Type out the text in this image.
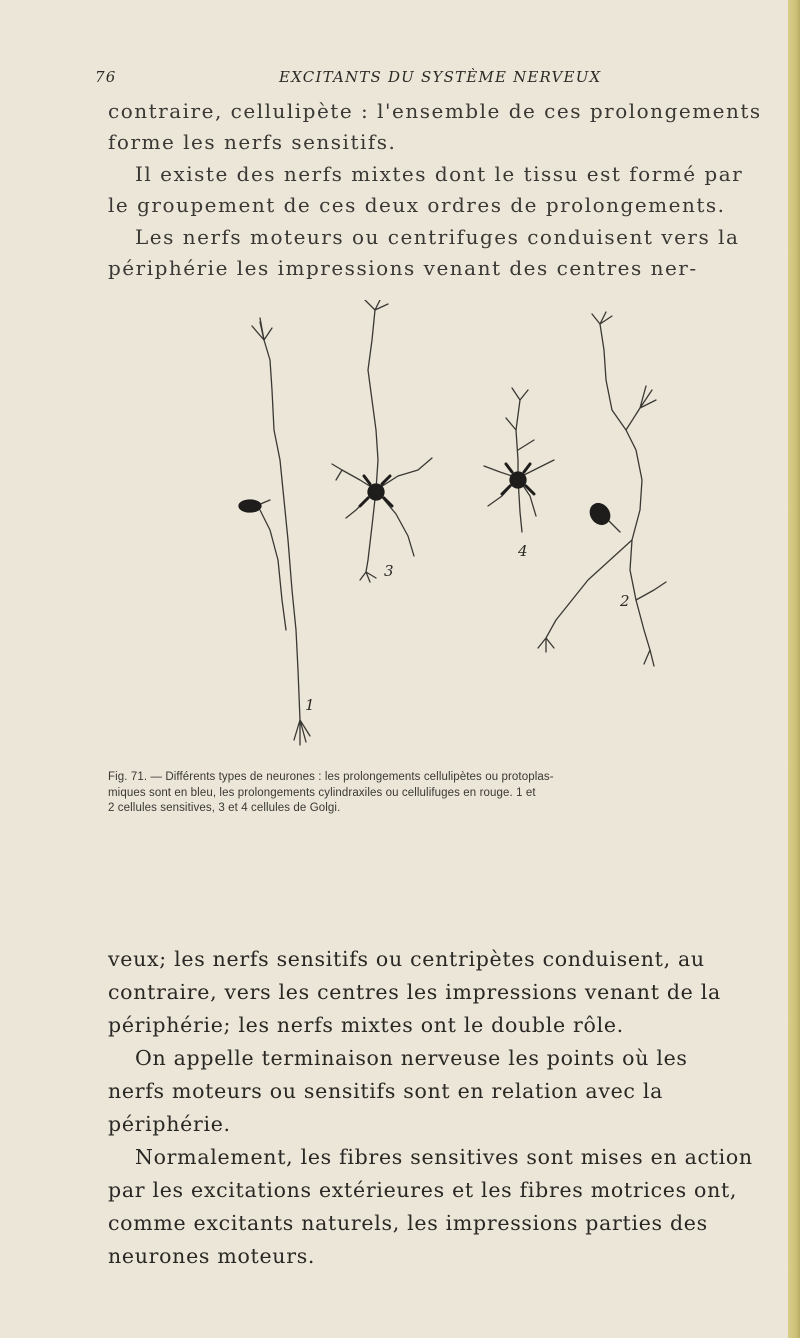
76	EXCITANTS DU SYSTÈME NERVEUX
contraire, cellulipète : l'ensemble de ces prolongements
forme les nerfs sensitifs.
Il existe des nerfs mixtes dont le tissu est formé par
le groupement de ces deux ordres de prolongements.
Les nerfs moteurs ou centrifuges conduisent vers la
périphérie les impressions venant des centres ner-
1
3
4
2
Fig. 71. — Différents types de neurones : les prolongements cellulipètes ou protoplas-
miques sont en bleu, les prolongements cylindraxiles ou cellulifuges en rouge. 1 et
2 cellules sensitives, 3 et 4 cellules de Golgi.
veux; les nerfs sensitifs ou centripètes conduisent, au
contraire, vers les centres les impressions venant de la
périphérie; les nerfs mixtes ont le double rôle.
On appelle terminaison nerveuse les points où les
nerfs moteurs ou sensitifs sont en relation avec la
périphérie.
Normalement, les fibres sensitives sont mises en action
par les excitations extérieures et les fibres motrices ont,
comme excitants naturels, les impressions parties des
neurones moteurs.
